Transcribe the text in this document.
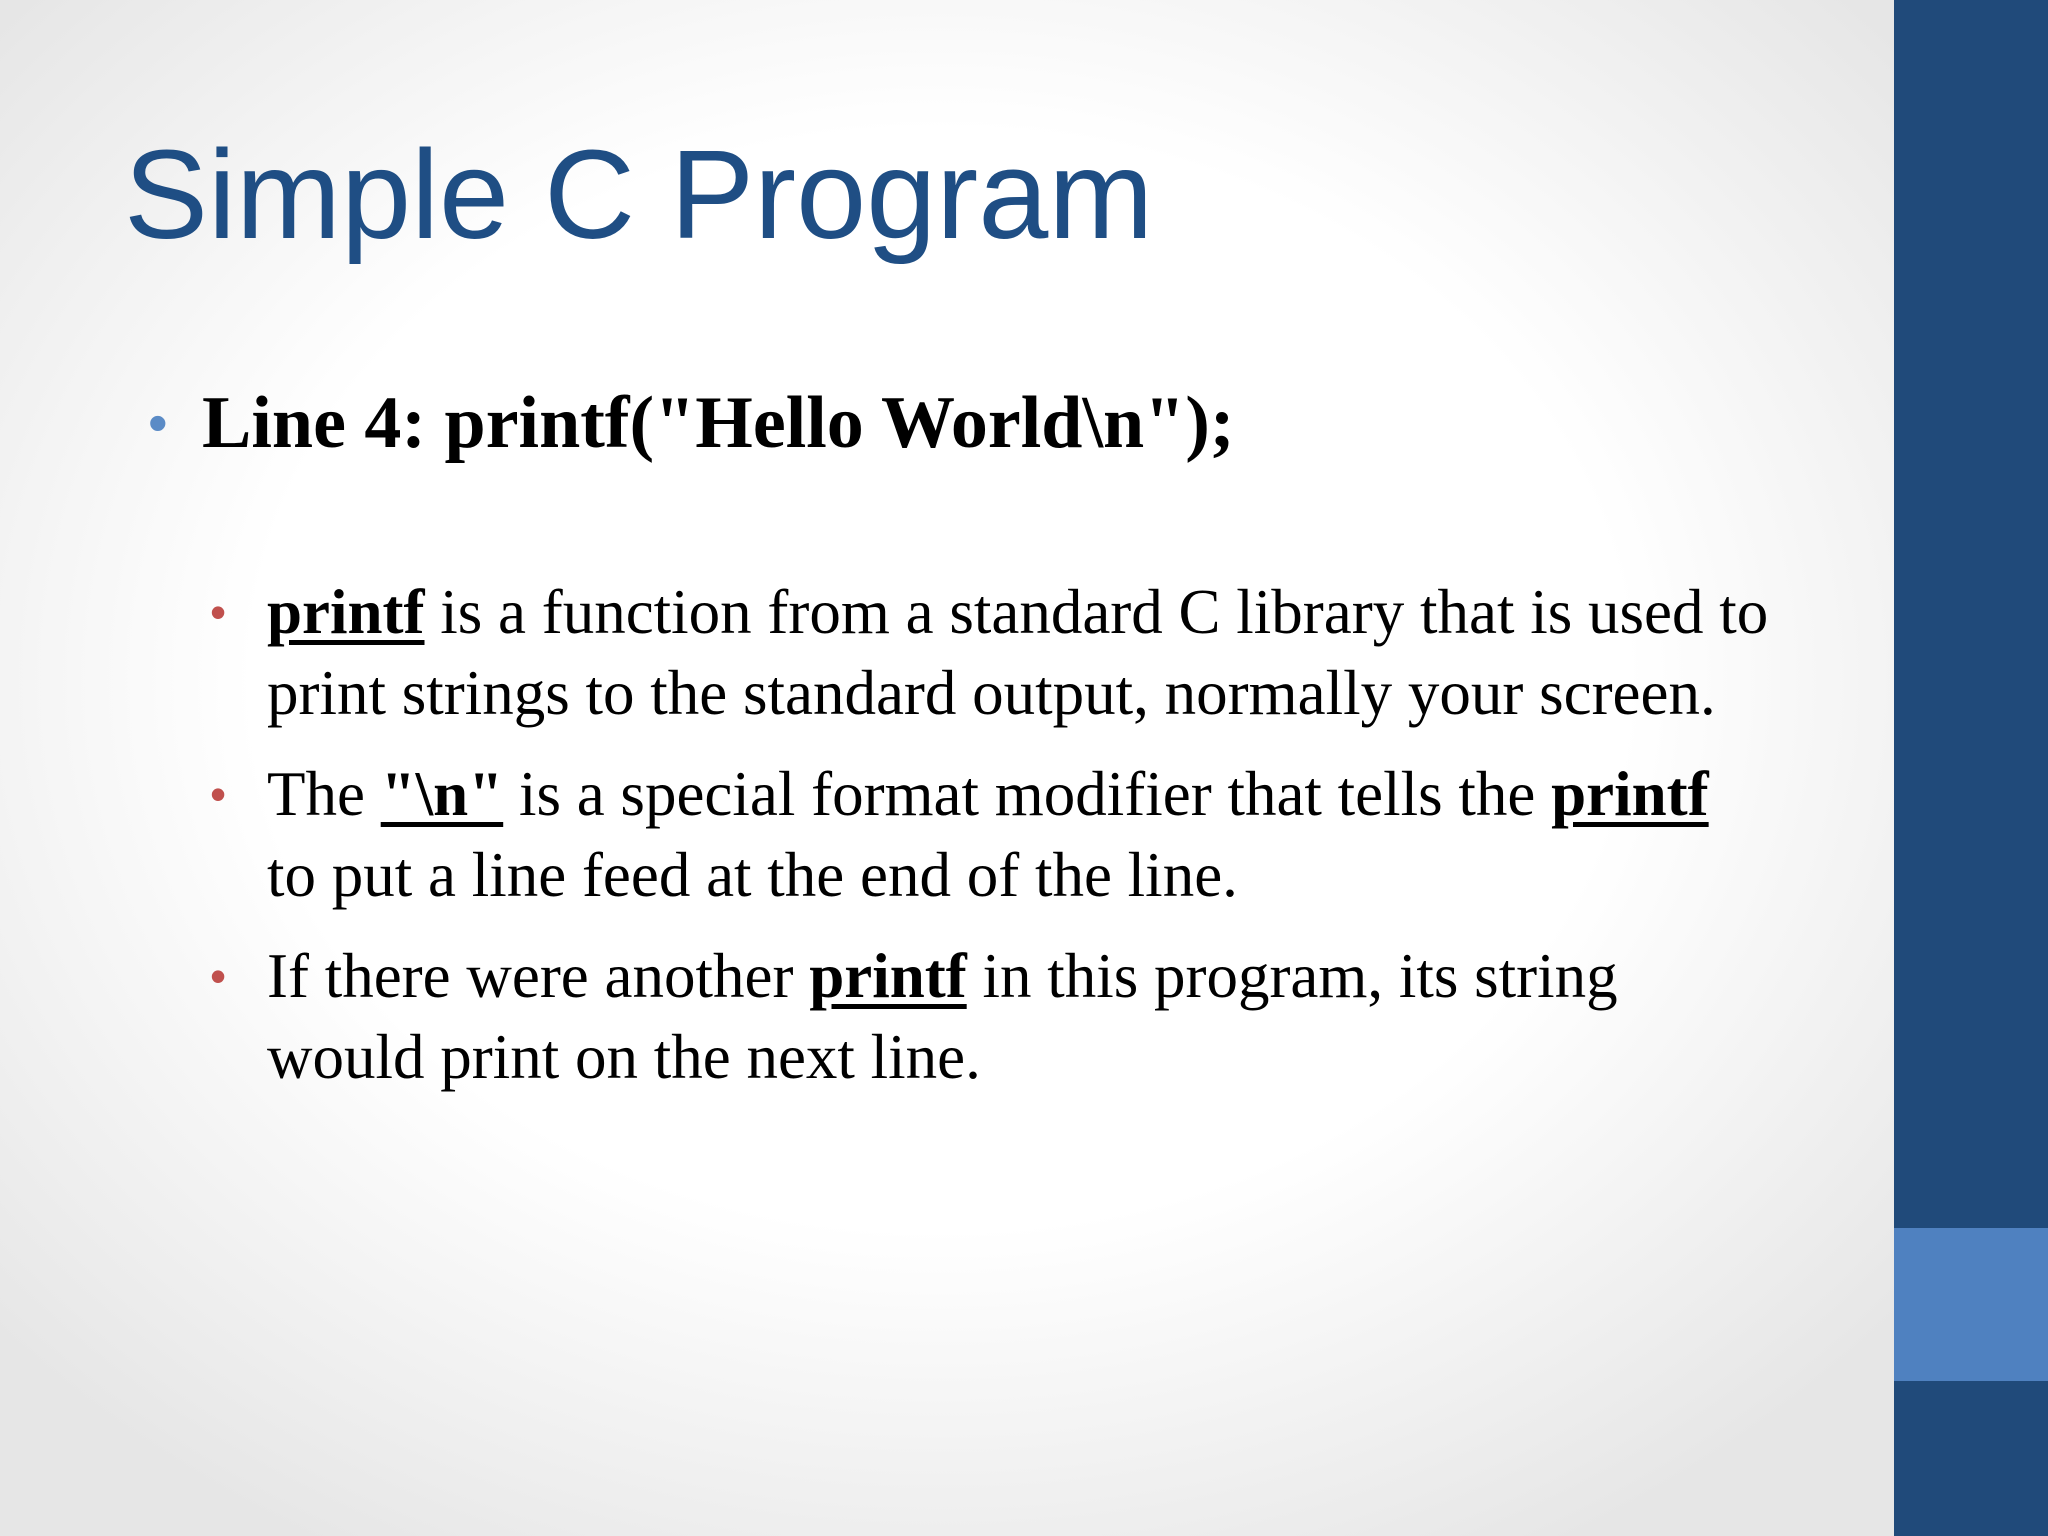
Simple C Program
• Line 4: printf("Hello World\n");
• printf is a function from a standard C library that is used to print strings to the standard output, normally your screen.
• The "\n" is a special format modifier that tells the printf to put a line feed at the end of the line.
• If there were another printf in this program, its string would print on the next line.
